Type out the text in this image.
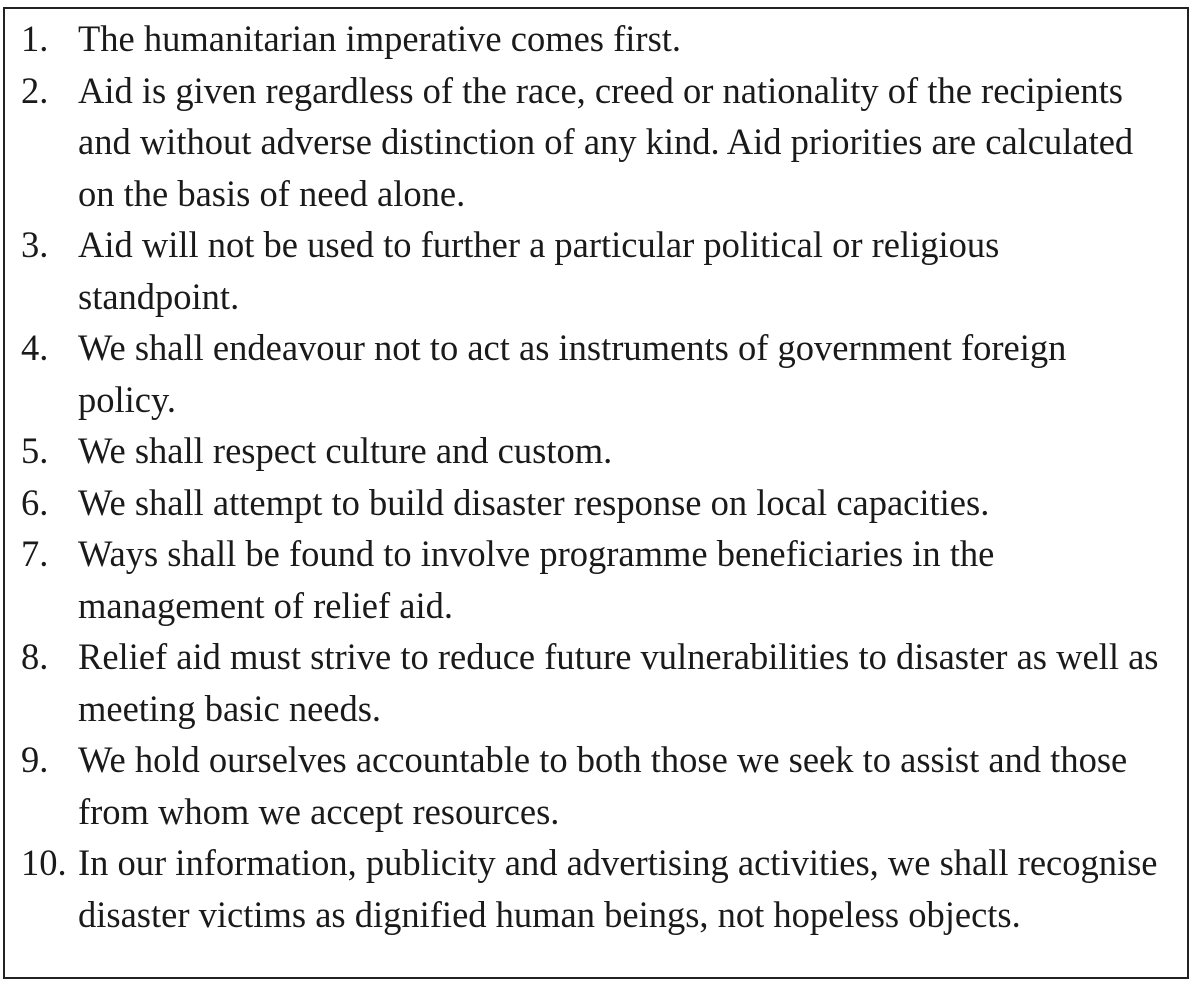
1. The humanitarian imperative comes first.
2. Aid is given regardless of the race, creed or nationality of the recipients and without adverse distinction of any kind. Aid priorities are calculated on the basis of need alone.
3. Aid will not be used to further a particular political or religious standpoint.
4. We shall endeavour not to act as instruments of government foreign policy.
5. We shall respect culture and custom.
6. We shall attempt to build disaster response on local capacities.
7. Ways shall be found to involve programme beneficiaries in the management of relief aid.
8. Relief aid must strive to reduce future vulnerabilities to disaster as well as meeting basic needs.
9. We hold ourselves accountable to both those we seek to assist and those from whom we accept resources.
10. In our information, publicity and advertising activities, we shall recognise disaster victims as dignified human beings, not hopeless objects.
